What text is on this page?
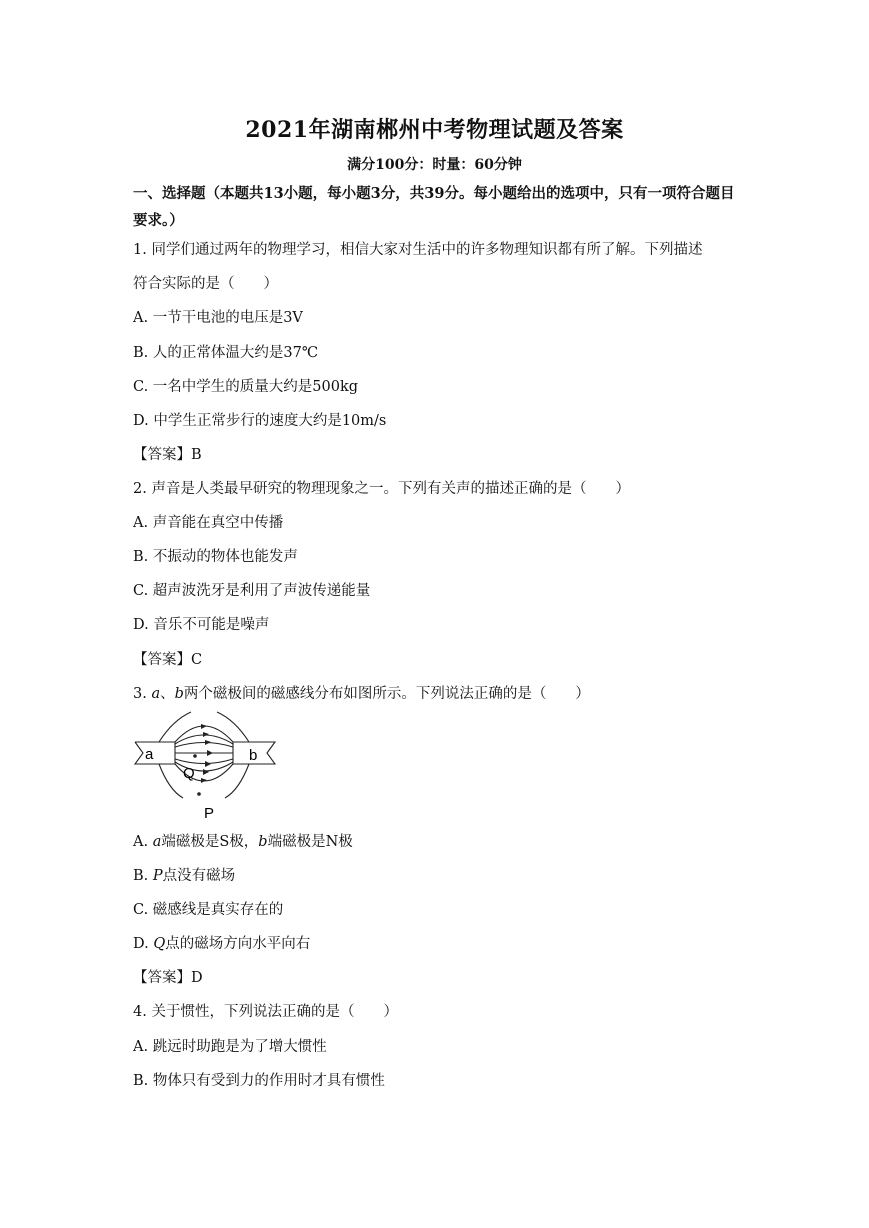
2021年湖南郴州中考物理试题及答案
满分100分：时量：60分钟
一、选择题（本题共13小题，每小题3分，共39分。每小题给出的选项中，只有一项符合题目要求。）
1. 同学们通过两年的物理学习，相信大家对生活中的许多物理知识都有所了解。下列描述
符合实际的是（　　）
A. 一节干电池的电压是3V
B. 人的正常体温大约是37℃
C. 一名中学生的质量大约是500kg
D. 中学生正常步行的速度大约是10m/s
【答案】B
2. 声音是人类最早研究的物理现象之一。下列有关声的描述正确的是（　　）
A. 声音能在真空中传播
B. 不振动的物体也能发声
C. 超声波洗牙是利用了声波传递能量
D. 音乐不可能是噪声
【答案】C
3. a、b两个磁极间的磁感线分布如图所示。下列说法正确的是（　　）
a	b
Q
P
A. a端磁极是S极，b端磁极是N极
B. P点没有磁场
C. 磁感线是真实存在的
D. Q点的磁场方向水平向右
【答案】D
4. 关于惯性，下列说法正确的是（　　）
A. 跳远时助跑是为了增大惯性
B. 物体只有受到力的作用时才具有惯性
